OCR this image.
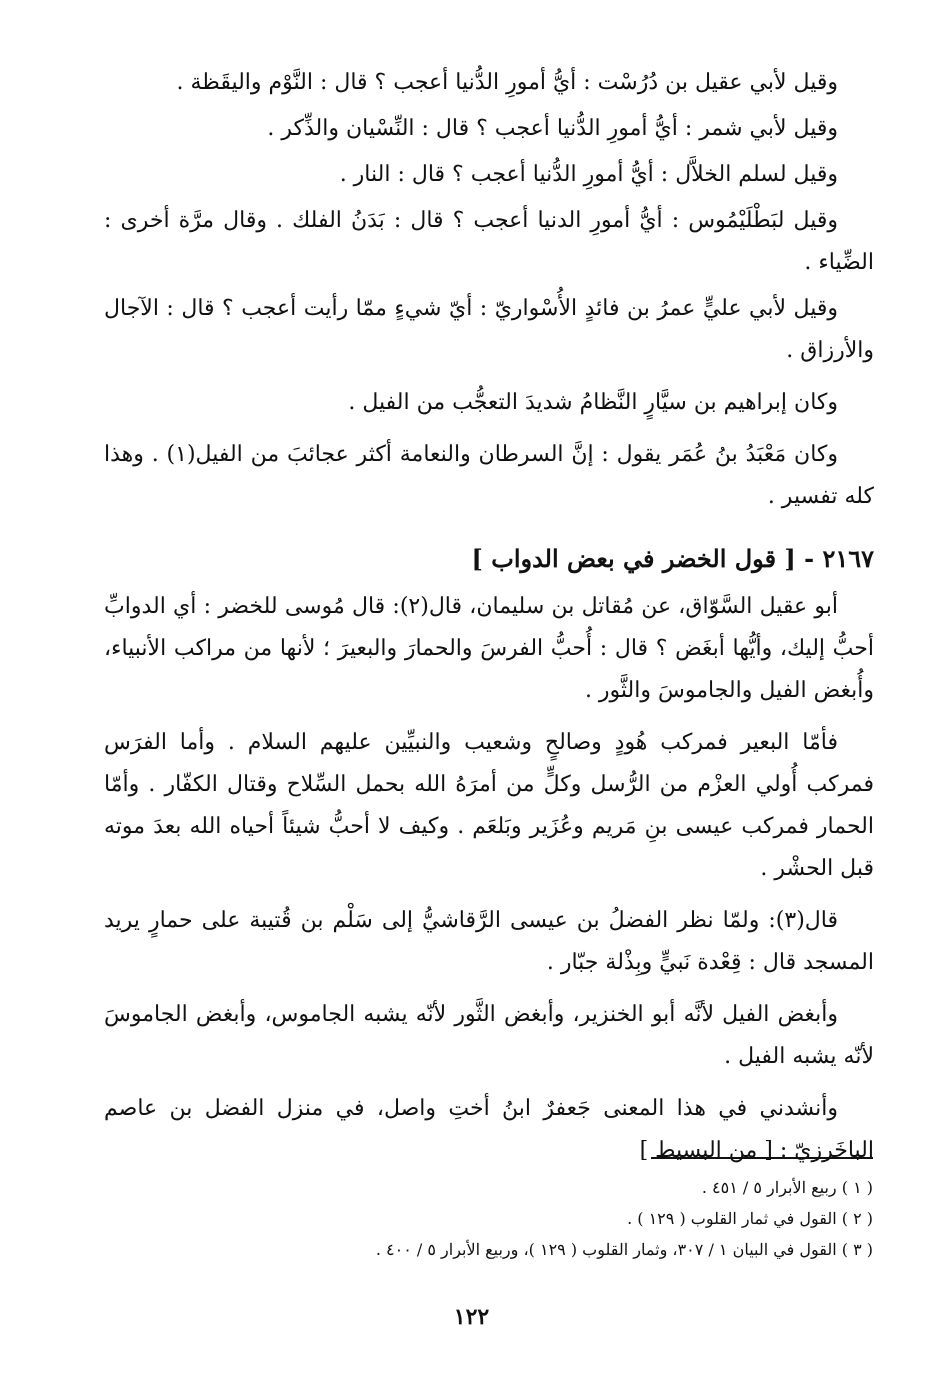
وقيل لأبي عقيل بن دُرُسْت : أيُّ أمورِ الدُّنيا أعجب ؟ قال : النَّوْم واليقَظة .

وقيل لأبي شمر : أيُّ أمورِ الدُّنيا أعجب ؟ قال : النِّسْيان والذِّكر .

وقيل لسلم الخلاَّل : أيُّ أمورِ الدُّنيا أعجب ؟ قال : النار .

وقيل لبَطْلَيْمُوس : أيُّ أمورِ الدنيا أعجب ؟ قال : بَدَنُ الفلك . وقال مرَّة أخرى : الضِّياء .

وقيل لأبي عليٍّ عمرُ بن فائدٍ الأُسْواريّ : أيّ شيءٍ ممّا رأيت أعجب ؟ قال : الآجال والأرزاق .

وكان إبراهيم بن سيَّارٍ النَّظامُ شديدَ التعجُّب من الفيل .

وكان مَعْبَدُ بنُ عُمَر يقول : إنَّ السرطان والنعامة أكثر عجائبَ من الفيل(١) . وهذا كله تفسير .

٢١٦٧ - [ قول الخضر في بعض الدواب ]

أبو عقيل السَّوّاق، عن مُقاتل بن سليمان، قال(٢): قال مُوسى للخضر : أي الدوابِّ أحبُّ إليك، وأيُّها أبغَض ؟ قال : أُحبُّ الفرسَ والحمارَ والبعيرَ ؛ لأنها من مراكب الأنبياء، وأُبغض الفيل والجاموسَ والثَّور .

فأمّا البعير فمركب هُودٍ وصالحٍ وشعيب والنبيِّين عليهم السلام . وأما الفرَس فمركب أُولي العزْم من الرُّسل وكلٍّ من أمرَهُ الله بحمل السِّلاح وقتال الكفّار . وأمّا الحمار فمركب عيسى بنِ مَريم وعُزَير وبَلعَم . وكيف لا أحبُّ شيئاً أحياه الله بعدَ موته قبل الحشْر .

قال(٣): ولمّا نظر الفضلُ بن عيسى الرَّقاشيُّ إلى سَلْم بن قُتيبة على حمارٍ يريد المسجد قال : قِعْدة نَبيٍّ وبِذْلة جبّار .

وأبغض الفيل لأنَّه أبو الخنزير، وأبغض الثَّور لأنّه يشبه الجاموس، وأبغض الجاموسَ لأنّه يشبه الفيل .

وأنشدني في هذا المعنى جَعفرٌ ابنُ أختِ واصل، في منزل الفضل بن عاصم الباخَرزيّ : [ من البسيط ]

( ١ ) ربيع الأبرار ٥ / ٤٥١ .

( ٢ ) القول في ثمار القلوب ( ١٢٩ ) .

( ٣ ) القول في البيان ١ / ٣٠٧، وثمار القلوب ( ١٢٩ )، وربيع الأبرار ٥ / ٤٠٠ .

١٢٢
